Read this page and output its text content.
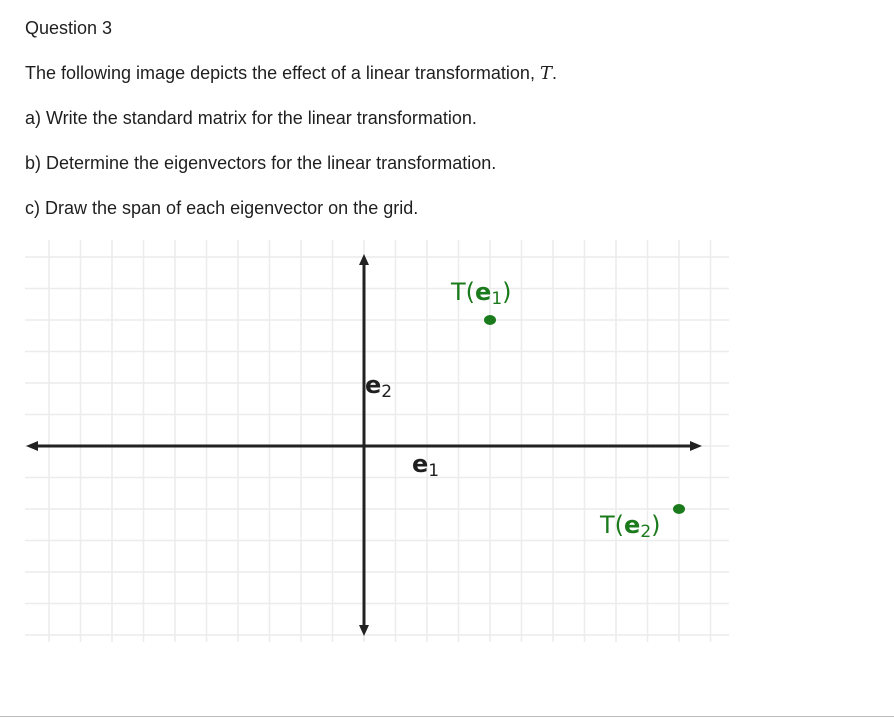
Question 3

The following image depicts the effect of a linear transformation, T.

a) Write the standard matrix for the linear transformation.

b) Determine the eigenvectors for the linear transformation.

c) Draw the span of each eigenvector on the grid.

e2
e1
T(e1)
T(e2)
